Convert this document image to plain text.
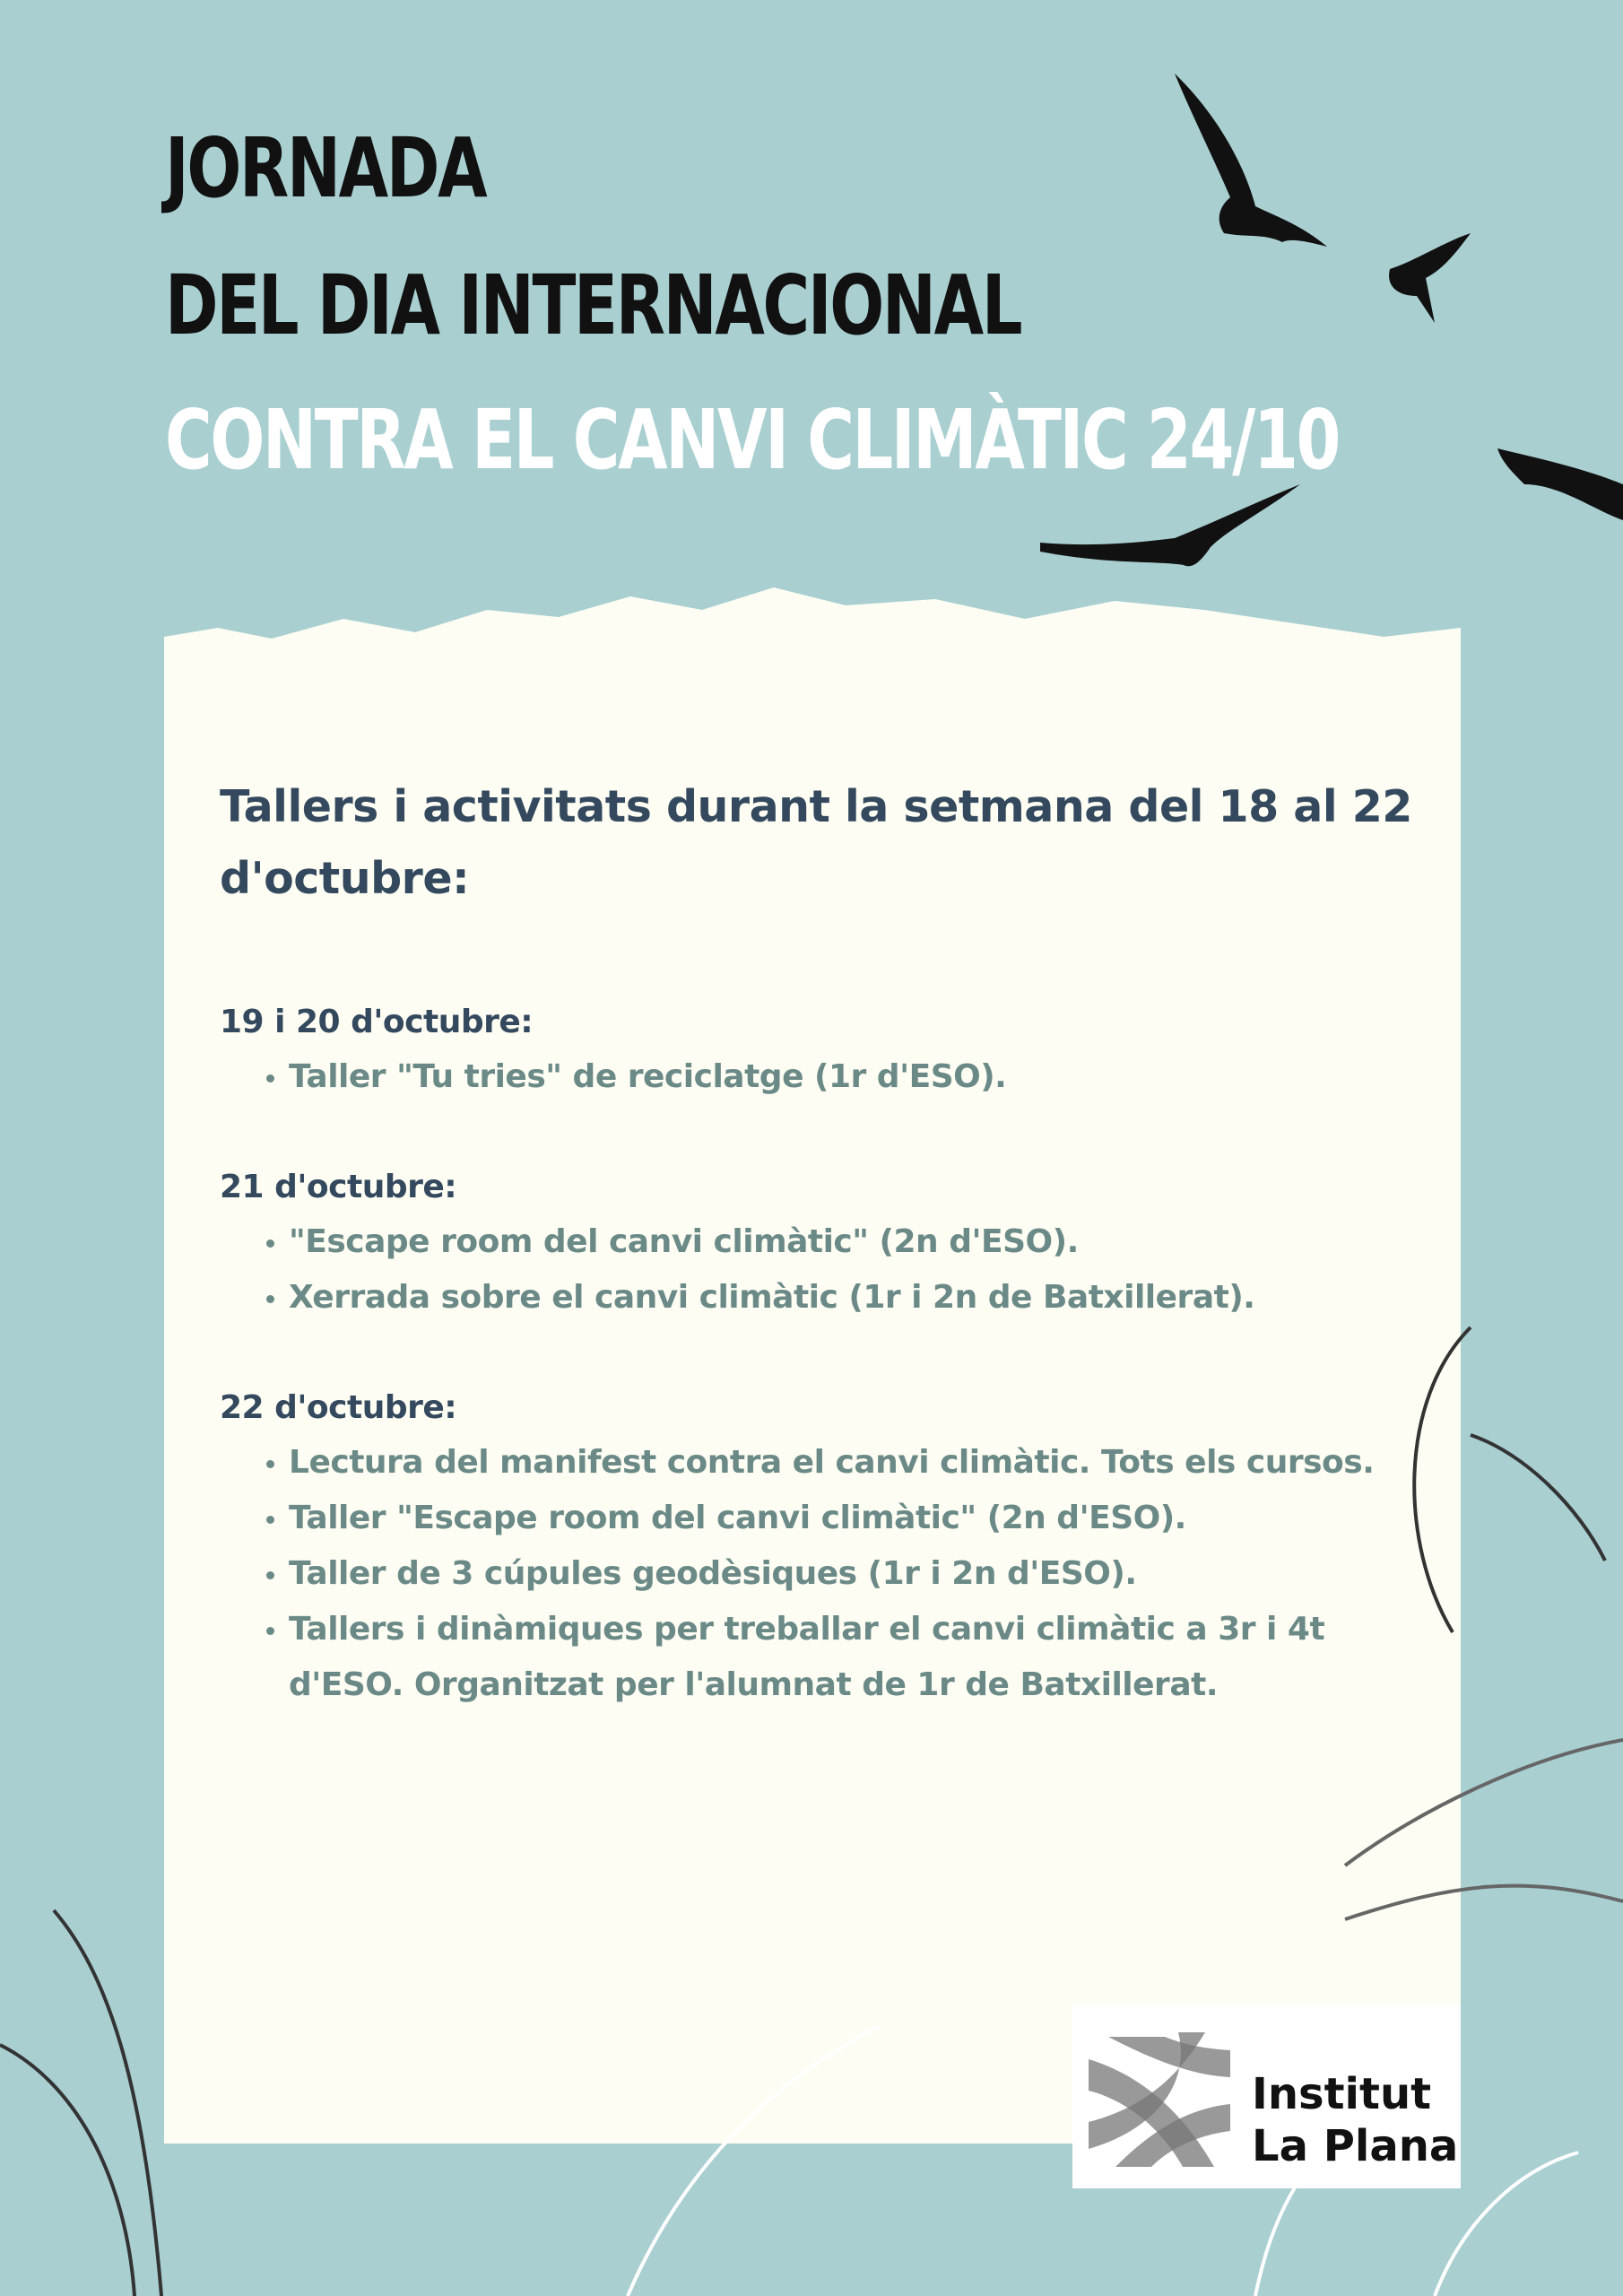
JORNADA
DEL DIA INTERNACIONAL
CONTRA EL CANVI CLIMÀTIC 24/10
Tallers i activitats durant la setmana del 18 al 22 d'octubre:
19 i 20 d'octubre:
• Taller "Tu tries" de reciclatge (1r d'ESO).
21 d'octubre:
• "Escape room del canvi climàtic" (2n d'ESO).
• Xerrada sobre el canvi climàtic (1r i 2n de Batxillerat).
22 d'octubre:
• Lectura del manifest contra el canvi climàtic. Tots els cursos.
• Taller "Escape room del canvi climàtic" (2n d'ESO).
• Taller de 3 cúpules geodèsiques (1r i 2n d'ESO).
• Tallers i dinàmiques per treballar el canvi climàtic a 3r i 4t d'ESO. Organitzat per l'alumnat de 1r de Batxillerat.
Institut
La Plana
